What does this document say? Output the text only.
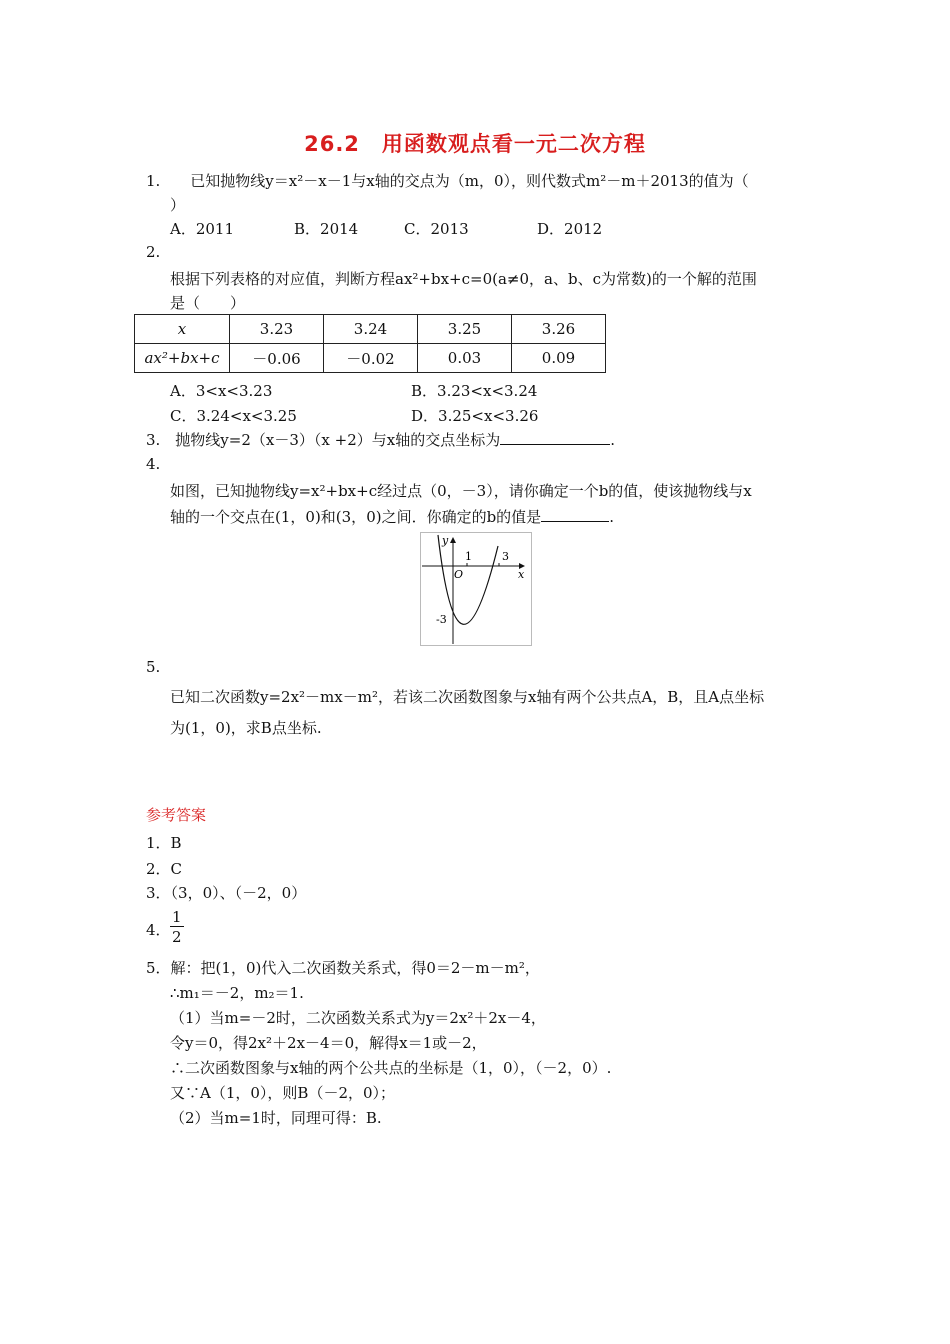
26.2　用函数观点看一元二次方程
1.　　已知抛物线y＝x²－x－1与x轴的交点为（m，0），则代数式m²－m＋2013的值为（
）
A．2011	B．2014	C．2013	D．2012
2.
根据下列表格的对应值，判断方程ax²+bx+c=0(a≠0，a、b、c为常数)的一个解的范围
是（　　）
x	3.23	3.24	3.25	3.26
ax²+bx+c	－0.06	－0.02	0.03	0.09
A．3<x<3.23	B．3.23<x<3.24
C．3.24<x<3.25	D．3.25<x<3.26
3.　抛物线y=2（x－3）（x +2）与x轴的交点坐标为	.
4.
如图，已知抛物线y=x²+bx+c经过点（0，－3），请你确定一个b的值，使该抛物线与x
轴的一个交点在(1，0)和(3，0)之间．你确定的b的值是	.
y
x
O
1	3
-3
5.
已知二次函数y=2x²－mx－m²，若该二次函数图象与x轴有两个公共点A，B，且A点坐标
为(1，0)，求B点坐标.
参考答案
1．B
2．C
3．（3，0）、（－2，0）
4． $\frac{1}{2}$
5．解：把(1，0)代入二次函数关系式，得0＝2－m－m²，
∴m₁＝－2，m₂＝1.
（1）当m=－2时，二次函数关系式为y＝2x²＋2x－4，
令y＝0，得2x²＋2x－4＝0，解得x＝1或－2，
∴二次函数图象与x轴的两个公共点的坐标是（1，0），（－2，0）.
又∵A（1，0），则B（－2，0）；
（2）当m=1时，同理可得：B.
